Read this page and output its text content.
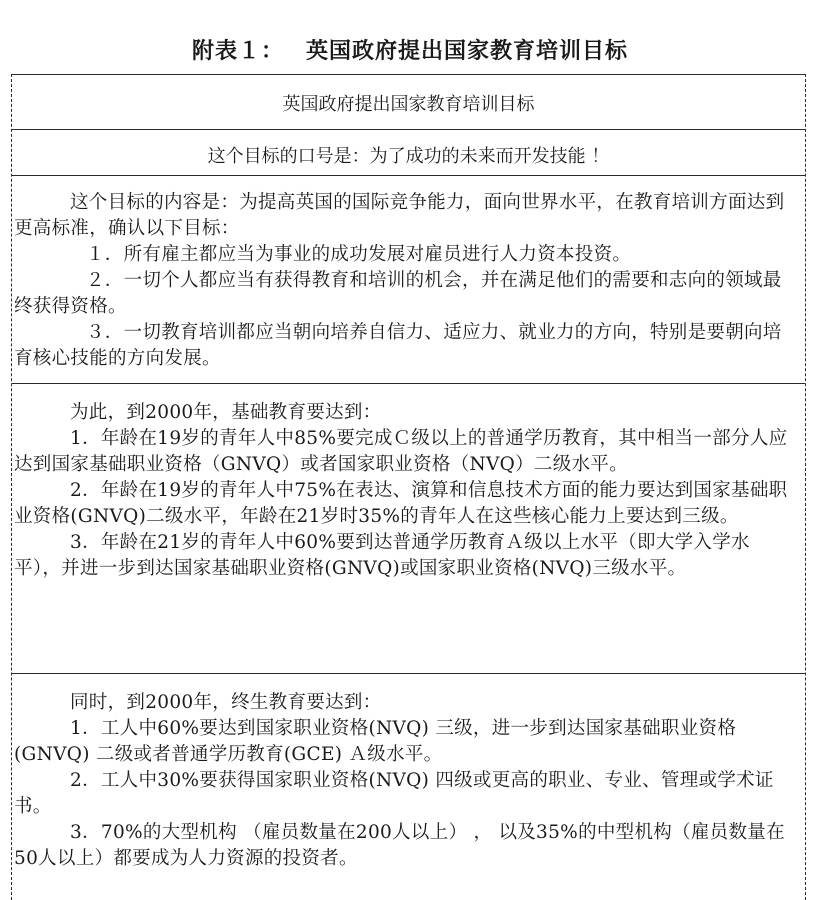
附表１： 英国政府提出国家教育培训目标
英国政府提出国家教育培训目标
这个目标的口号是：为了成功的未来而开发技能 ！

这个目标的内容是：为提高英国的国际竞争能力，面向世界水平，在教育培训方面达到更高标准，确认以下目标：

１．所有雇主都应当为事业的成功发展对雇员进行人力资本投资。

２．一切个人都应当有获得教育和培训的机会，并在满足他们的需要和志向的领域最终获得资格。

３．一切教育培训都应当朝向培养自信力、适应力、就业力的方向，特别是要朝向培育核心技能的方向发展。

为此，到2000年，基础教育要达到：

1．年龄在19岁的青年人中85%要完成Ｃ级以上的普通学历教育，其中相当一部分人应达到国家基础职业资格（GNVQ）或者国家职业资格（NVQ）二级水平。

2．年龄在19岁的青年人中75%在表达、演算和信息技术方面的能力要达到国家基础职业资格(GNVQ)二级水平，年龄在21岁时35%的青年人在这些核心能力上要达到三级。

3．年龄在21岁的青年人中60%要到达普通学历教育Ａ级以上水平（即大学入学水平），并进一步到达国家基础职业资格(GNVQ)或国家职业资格(NVQ)三级水平。

同时，到2000年，终生教育要达到：

1．工人中60%要达到国家职业资格(NVQ) 三级，进一步到达国家基础职业资格(GNVQ) 二级或者普通学历教育(GCE) Ａ级水平。

2．工人中30%要获得国家职业资格(NVQ) 四级或更高的职业、专业、管理或学术证书。

3．70%的大型机构 （雇员数量在200人以上） ， 以及35%的中型机构（雇员数量在50人以上）都要成为人力资源的投资者。
